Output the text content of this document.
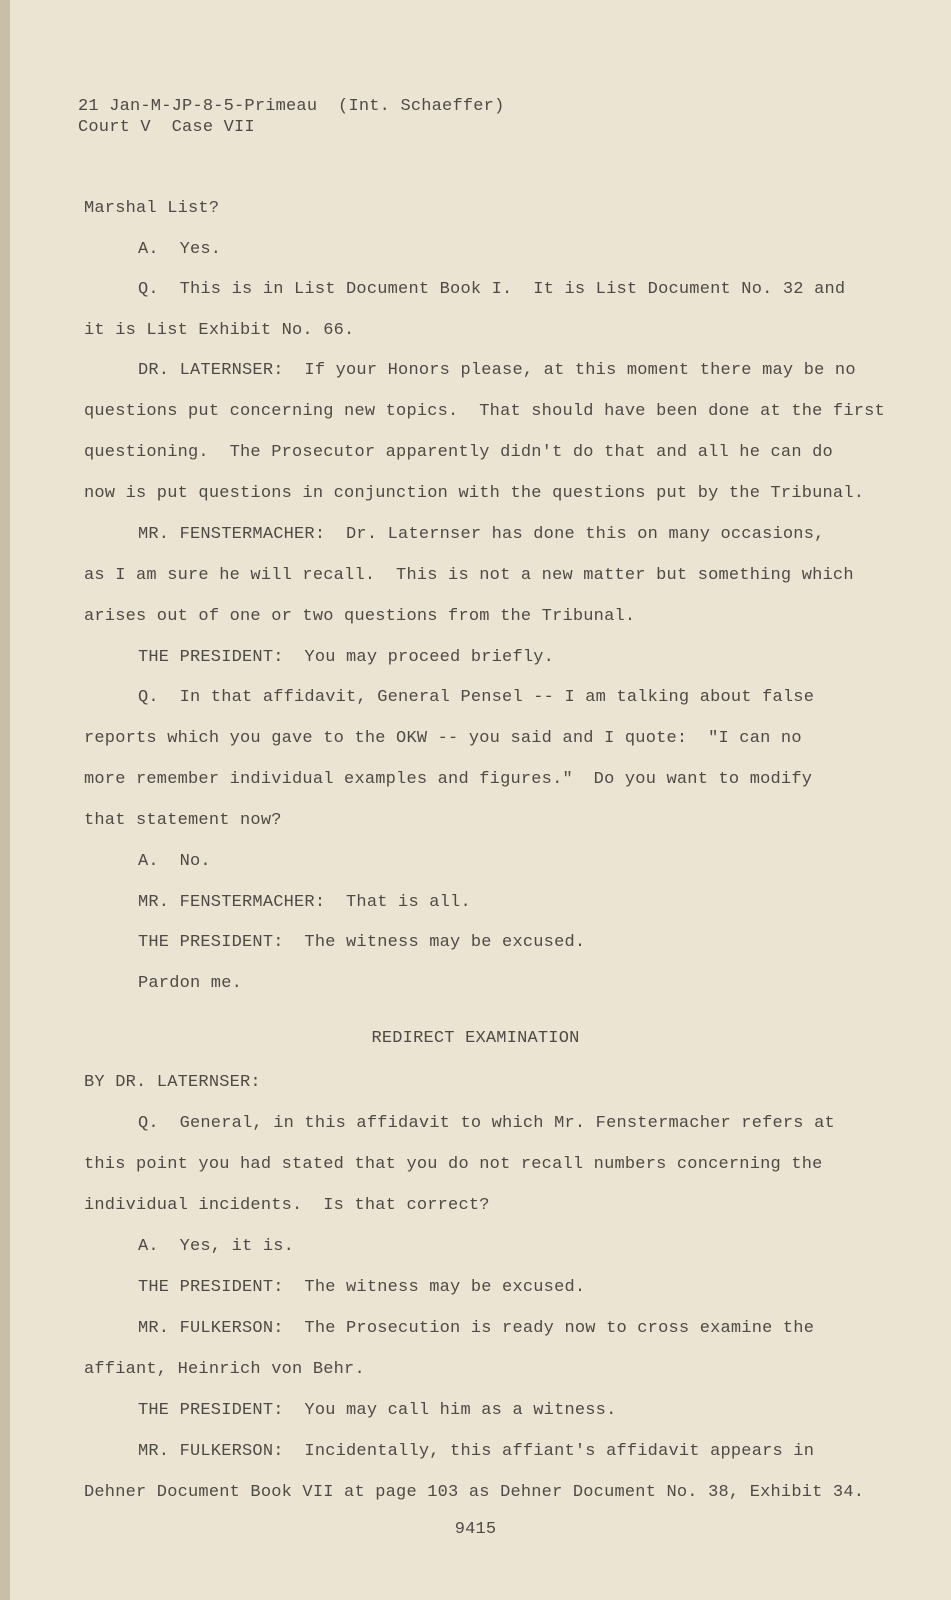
21 Jan-M-JP-8-5-Primeau  (Int. Schaeffer)
Court V  Case VII
Marshal List?
A.  Yes.
Q.  This is in List Document Book I.  It is List Document No. 32 and
it is List Exhibit No. 66.
DR. LATERNSER:  If your Honors please, at this moment there may be no
questions put concerning new topics.  That should have been done at the first
questioning.  The Prosecutor apparently didn't do that and all he can do
now is put questions in conjunction with the questions put by the Tribunal.
MR. FENSTERMACHER:  Dr. Laternser has done this on many occasions,
as I am sure he will recall.  This is not a new matter but something which
arises out of one or two questions from the Tribunal.
THE PRESIDENT:  You may proceed briefly.
Q.  In that affidavit, General Pensel -- I am talking about false
reports which you gave to the OKW -- you said and I quote:  "I can no
more remember individual examples and figures."  Do you want to modify
that statement now?
A.  No.
MR. FENSTERMACHER:  That is all.
THE PRESIDENT:  The witness may be excused.
Pardon me.
REDIRECT EXAMINATION
BY DR. LATERNSER:
Q.  General, in this affidavit to which Mr. Fenstermacher refers at
this point you had stated that you do not recall numbers concerning the
individual incidents.  Is that correct?
A.  Yes, it is.
THE PRESIDENT:  The witness may be excused.
MR. FULKERSON:  The Prosecution is ready now to cross examine the
affiant, Heinrich von Behr.
THE PRESIDENT:  You may call him as a witness.
MR. FULKERSON:  Incidentally, this affiant's affidavit appears in
Dehner Document Book VII at page 103 as Dehner Document No. 38, Exhibit 34.
9415
